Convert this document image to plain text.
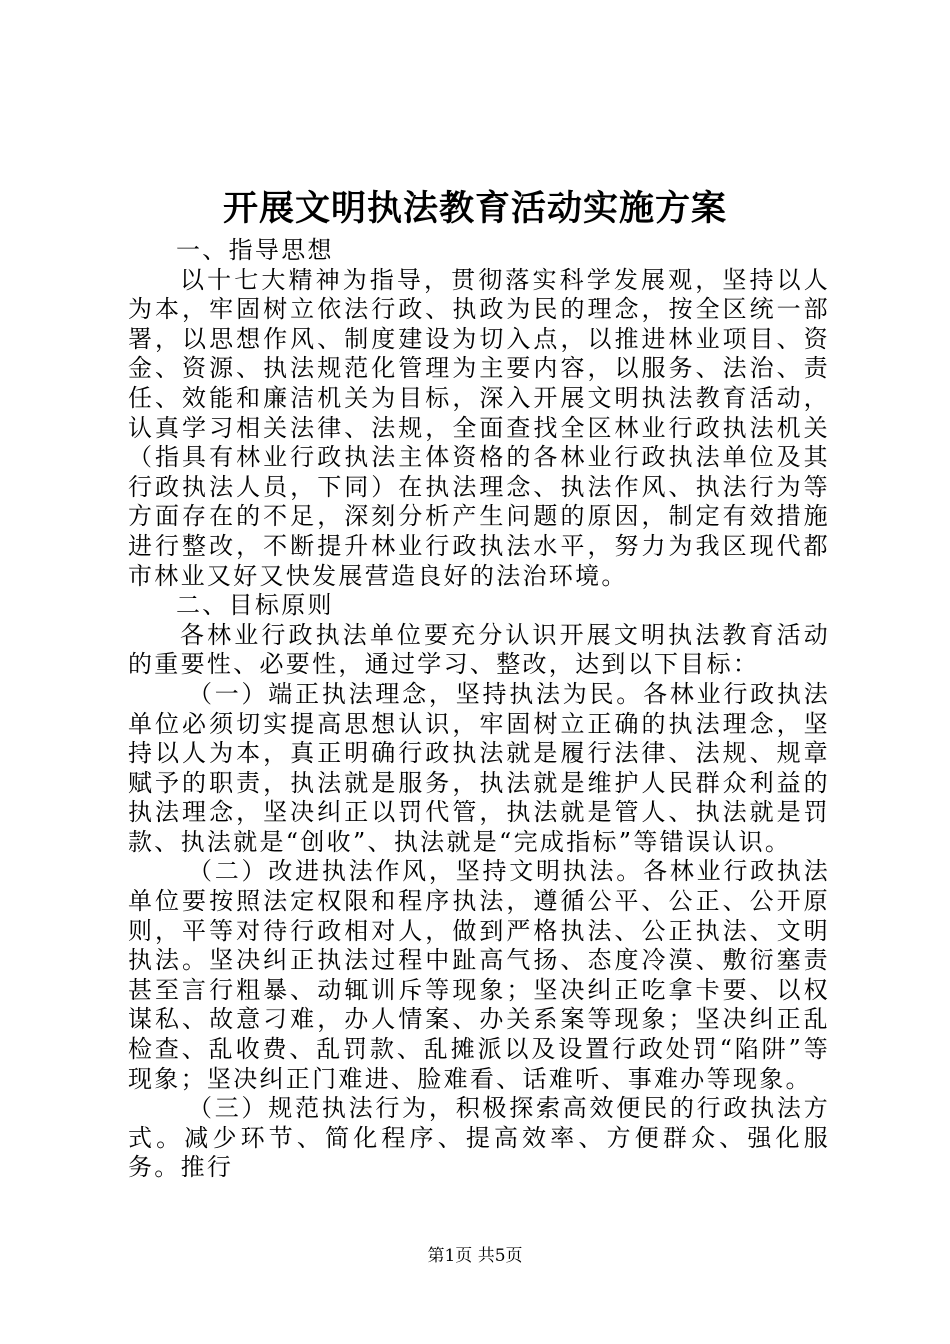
开展文明执法教育活动实施方案

一、指导思想

以十七大精神为指导，贯彻落实科学发展观，坚持以人为本，牢固树立依法行政、执政为民的理念，按全区统一部署，以思想作风、制度建设为切入点，以推进林业项目、资金、资源、执法规范化管理为主要内容，以服务、法治、责任、效能和廉洁机关为目标，深入开展文明执法教育活动，认真学习相关法律、法规，全面查找全区林业行政执法机关（指具有林业行政执法主体资格的各林业行政执法单位及其行政执法人员，下同）在执法理念、执法作风、执法行为等方面存在的不足，深刻分析产生问题的原因，制定有效措施进行整改，不断提升林业行政执法水平，努力为我区现代都市林业又好又快发展营造良好的法治环境。

二、目标原则

各林业行政执法单位要充分认识开展文明执法教育活动的重要性、必要性，通过学习、整改，达到以下目标：

（一）端正执法理念，坚持执法为民。各林业行政执法单位必须切实提高思想认识，牢固树立正确的执法理念，坚持以人为本，真正明确行政执法就是履行法律、法规、规章赋予的职责，执法就是服务，执法就是维护人民群众利益的执法理念，坚决纠正以罚代管，执法就是管人、执法就是罚款、执法就是“创收”、执法就是“完成指标”等错误认识。

（二）改进执法作风，坚持文明执法。各林业行政执法单位要按照法定权限和程序执法，遵循公平、公正、公开原则，平等对待行政相对人，做到严格执法、公正执法、文明执法。坚决纠正执法过程中趾高气扬、态度冷漠、敷衍塞责甚至言行粗暴、动辄训斥等现象；坚决纠正吃拿卡要、以权谋私、故意刁难，办人情案、办关系案等现象；坚决纠正乱检查、乱收费、乱罚款、乱摊派以及设置行政处罚“陷阱”等现象；坚决纠正门难进、脸难看、话难听、事难办等现象。

（三）规范执法行为，积极探索高效便民的行政执法方式。减少环节、简化程序、提高效率、方便群众、强化服务。推行

第1页 共5页
